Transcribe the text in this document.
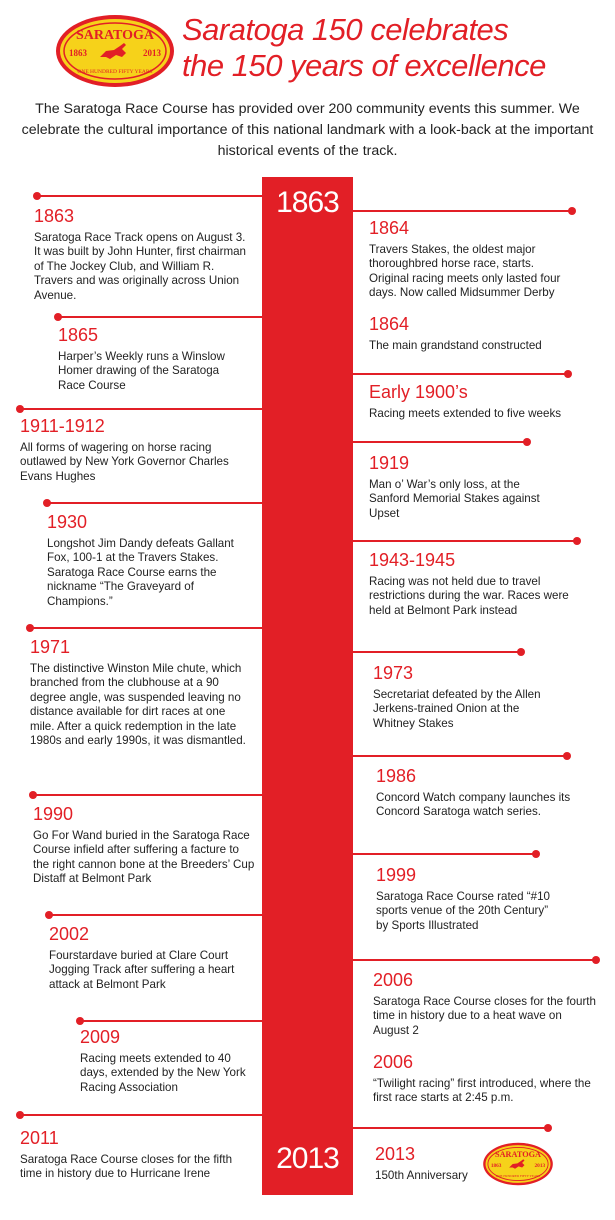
SARATOGA
1863	2013
ONE HUNDRED FIFTY YEARS
Saratoga 150 celebrates
the 150 years of excellence

The Saratoga Race Course has provided over 200 community events this summer. We celebrate the cultural importance of this national landmark with a look-back at the important historical events of the track.

1863
2013
1863
Saratoga Race Track opens on August 3. It was built by John Hunter, first chairman of The Jockey Club, and William R. Travers and was originally across Union Avenue.
1865
Harper’s Weekly runs a Winslow Homer drawing of the Saratoga Race Course
1911-1912
All forms of wagering on horse racing outlawed by New York Governor Charles Evans Hughes
1930
Longshot Jim Dandy defeats Gallant Fox, 100-1 at the Travers Stakes. Saratoga Race Course earns the nickname “The Graveyard of Champions.”
1971
The distinctive Winston Mile chute, which branched from the clubhouse at a 90 degree angle, was suspended leaving no distance available for dirt races at one mile. After a quick redemption in the late 1980s and early 1990s, it was dismantled.
1990
Go For Wand buried in the Saratoga Race Course infield after suffering a facture to the right cannon bone at the Breeders’ Cup Distaff at Belmont Park
2002
Fourstardave buried at Clare Court Jogging Track after suffering a heart attack at Belmont Park
2009
Racing meets extended to 40 days, extended by the New York Racing Association
2011
Saratoga Race Course closes for the fifth time in history due to Hurricane Irene
1864
Travers Stakes, the oldest major thoroughbred horse race, starts. Original racing meets only lasted four days. Now called Midsummer Derby
1864
The main grandstand constructed
Early 1900’s
Racing meets extended to five weeks
1919
Man o’ War’s only loss, at the Sanford Memorial Stakes against Upset
1943-1945
Racing was not held due to travel restrictions during the war. Races were held at Belmont Park instead
1973
Secretariat defeated by the Allen Jerkens-trained Onion at the Whitney Stakes
1986
Concord Watch company launches its Concord Saratoga watch series.
1999
Saratoga Race Course rated “#10 sports venue of the 20th Century” by Sports Illustrated
2006
Saratoga Race Course closes for the fourth time in history due to a heat wave on August 2
2006
“Twilight racing” first introduced, where the first race starts at 2:45 p.m.
2013
150th Anniversary
SARATOGA
1863	2013
ONE HUNDRED FIFTY YEARS
